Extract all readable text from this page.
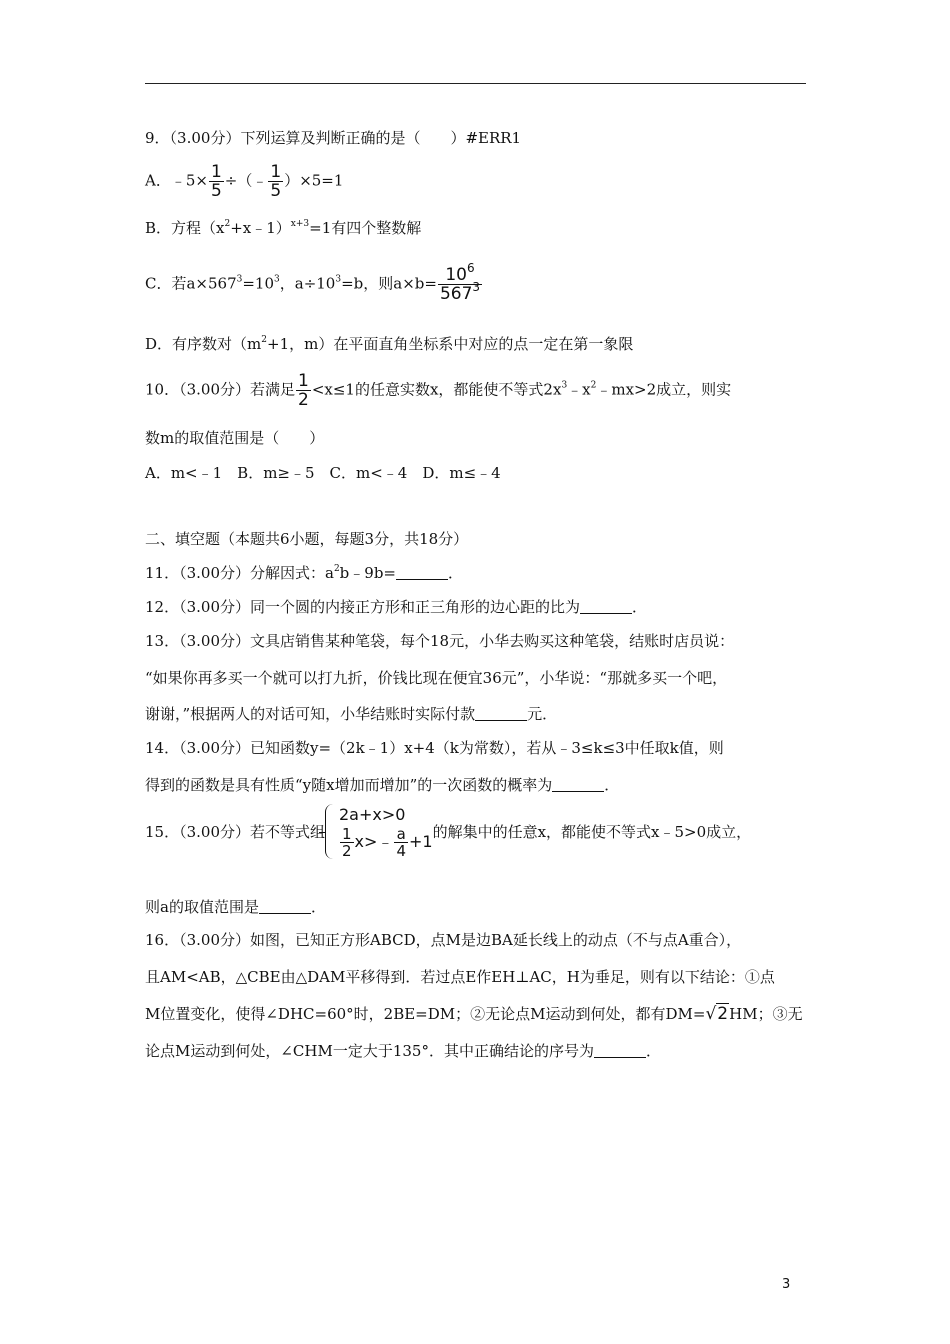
9．（3.00分）下列运算及判断正确的是（　　）#ERR1
A．﹣5× $\frac{1}{5}$ ÷（﹣ $\frac{1}{5} )\times 5=1$
B．方程$(x^2+x﹣1)^{x+3}=1$有四个整数解
C．若$a\times 567^3=10^3$，$a\div 10^3=b$，则$a\times b= \frac{10^6}{567^3}$
D．有序数对（$m^2+1$，m）在平面直角坐标系中对应的点一定在第一象限
10．（3.00分）若满足 $\frac{1}{2} <x\le 1$的任意实数x，都能使不等式$2x^3﹣x^2﹣mx>2$成立，则实
数m的取值范围是（　　）
A．m<﹣1　B．m≥﹣5　C．m<﹣4　D．m≤﹣4
二、填空题（本题共6小题，每题3分，共18分）
11．（3.00分）分解因式：$a^2b﹣9b=$	．
12．（3.00分）同一个圆的内接正方形和正三角形的边心距的比为	．
13．（3.00分）文具店销售某种笔袋，每个18元，小华去购买这种笔袋，结账时店员说：
“如果你再多买一个就可以打九折，价钱比现在便宜36元”，小华说：“那就多买一个吧，
谢谢，”根据两人的对话可知，小华结账时实际付款	元．
14．（3.00分）已知函数y=（2k﹣1）x+4（k为常数），若从﹣3≤k≤3中任取k值，则
得到的函数是具有性质“y随x增加而增加”的一次函数的概率为	．
15．（3.00分）若不等式组
2a+x>0
$\frac{1}{2}$ x>﹣ $\frac{a}{4} +1$ 的解集中的任意x，都能使不等式x﹣5>0成立，
则a的取值范围是	．
16．（3.00分）如图，已知正方形ABCD，点M是边BA延长线上的动点（不与点A重合），
且AM<AB，△CBE由△DAM平移得到．若过点E作EH⊥AC，H为垂足，则有以下结论：①点
M位置变化，使得∠DHC=60°时，2BE=DM；②无论点M运动到何处，都有DM=√2HM；③无
论点M运动到何处，∠CHM一定大于135°．其中正确结论的序号为	．
3
